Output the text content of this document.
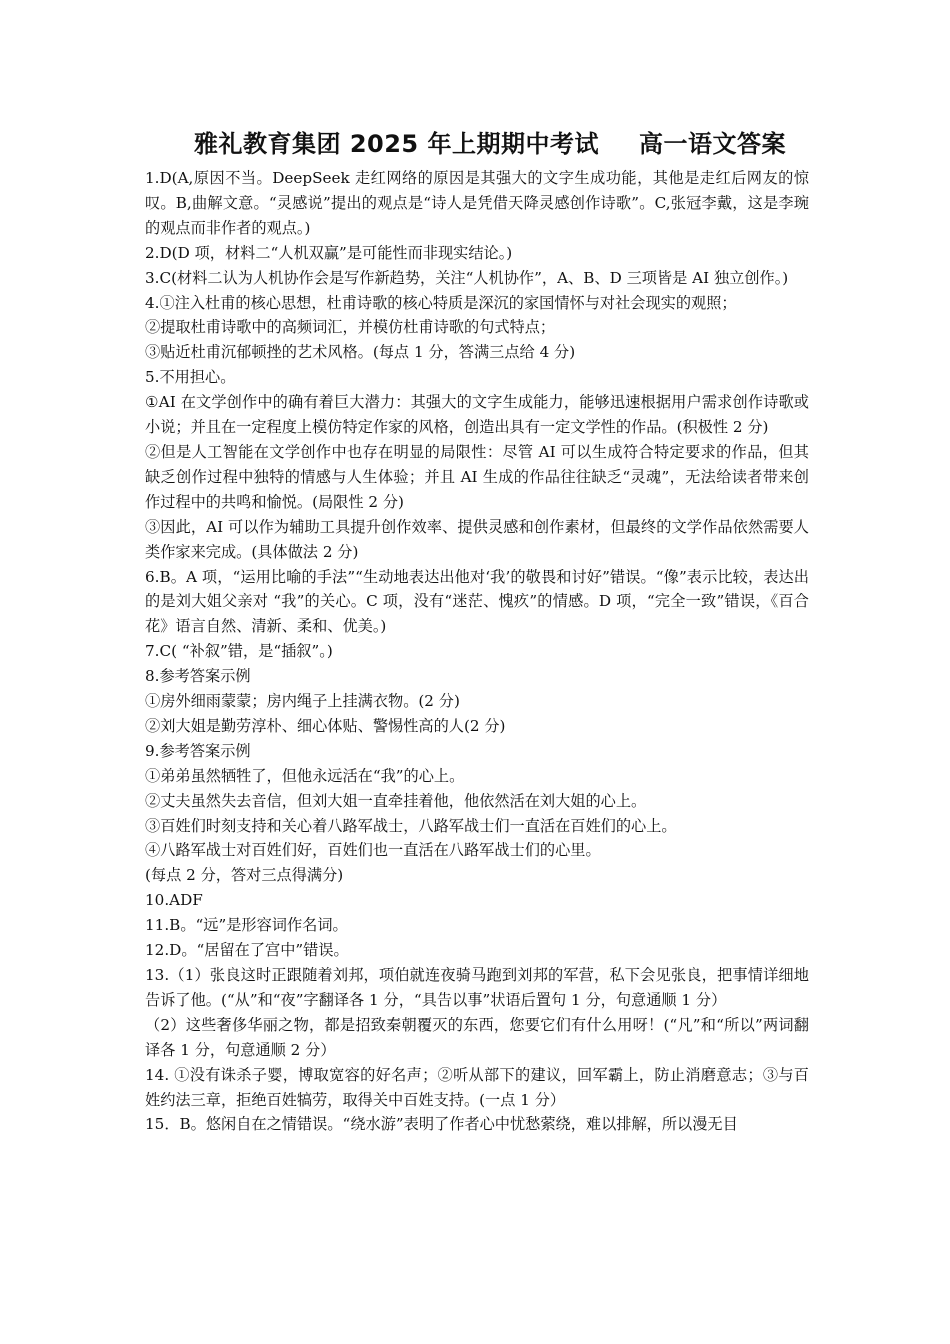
雅礼教育集团 2025 年上期期中考试 高一语文答案

1.D(A,原因不当。DeepSeek 走红网络的原因是其强大的文字生成功能，其他是走红后网友的惊叹。B,曲解文意。“灵感说”提出的观点是“诗人是凭借天降灵感创作诗歌”。C,张冠李戴，这是李琬的观点而非作者的观点。)

2.D(D 项，材料二“人机双赢”是可能性而非现实结论。)

3.C(材料二认为人机协作会是写作新趋势，关注“人机协作”，A、B、D 三项皆是 AI 独立创作。)

4.①注入杜甫的核心思想，杜甫诗歌的核心特质是深沉的家国情怀与对社会现实的观照；

②提取杜甫诗歌中的高频词汇，并模仿杜甫诗歌的句式特点；

③贴近杜甫沉郁顿挫的艺术风格。(每点 1 分，答满三点给 4 分)

5.不用担心。

①AI 在文学创作中的确有着巨大潜力：其强大的文字生成能力，能够迅速根据用户需求创作诗歌或小说；并且在一定程度上模仿特定作家的风格，创造出具有一定文学性的作品。(积极性 2 分)

②但是人工智能在文学创作中也存在明显的局限性：尽管 AI 可以生成符合特定要求的作品，但其缺乏创作过程中独特的情感与人生体验；并且 AI 生成的作品往往缺乏“灵魂”，无法给读者带来创作过程中的共鸣和愉悦。(局限性 2 分)

③因此，AI 可以作为辅助工具提升创作效率、提供灵感和创作素材，但最终的文学作品依然需要人类作家来完成。(具体做法 2 分)

6.B。A 项，“运用比喻的手法”“生动地表达出他对‘我’的敬畏和讨好”错误。“像”表示比较，表达出的是刘大姐父亲对 “我”的关心。C 项，没有“迷茫、愧疚”的情感。D 项，“完全一致”错误，《百合花》语言自然、清新、柔和、优美。)

7.C( “补叙”错，是“插叙”。)

8.参考答案示例

①房外细雨蒙蒙；房内绳子上挂满衣物。(2 分)

②刘大姐是勤劳淳朴、细心体贴、警惕性高的人(2 分)

9.参考答案示例

①弟弟虽然牺牲了，但他永远活在“我”的心上。

②丈夫虽然失去音信，但刘大姐一直牵挂着他，他依然活在刘大姐的心上。

③百姓们时刻支持和关心着八路军战士，八路军战士们一直活在百姓们的心上。

④八路军战士对百姓们好，百姓们也一直活在八路军战士们的心里。

(每点 2 分，答对三点得满分)

10.ADF

11.B。“远”是形容词作名词。

12.D。“居留在了宫中”错误。

13.（1）张良这时正跟随着刘邦，项伯就连夜骑马跑到刘邦的军营，私下会见张良，把事情详细地告诉了他。(“从”和“夜”字翻译各 1 分，“具告以事”状语后置句 1 分，句意通顺 1 分）

（2）这些奢侈华丽之物，都是招致秦朝覆灭的东西，您要它们有什么用呀！(“凡”和“所以”两词翻译各 1 分，句意通顺 2 分）

14. ①没有诛杀子婴，博取宽容的好名声；②听从部下的建议，回军霸上，防止消磨意志；③与百姓约法三章，拒绝百姓犒劳，取得关中百姓支持。(一点 1 分）

15．B。悠闲自在之情错误。“绕水游”表明了作者心中忧愁萦绕，难以排解，所以漫无目
